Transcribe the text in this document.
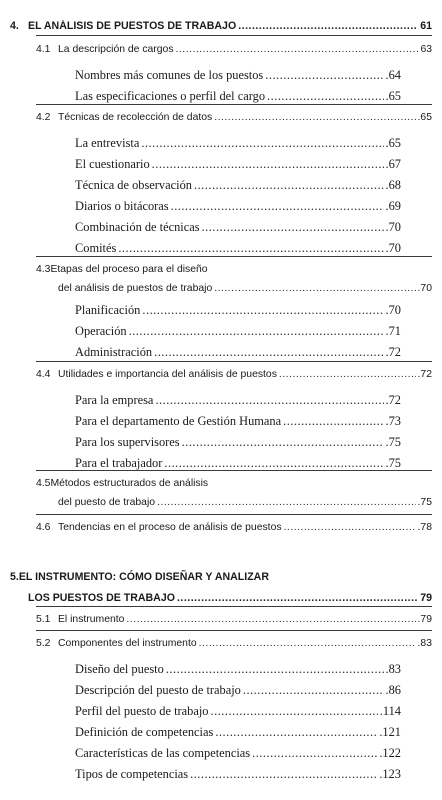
4. EL ANÁLISIS DE PUESTOS DE TRABAJO .....	61
4.1 La descripción de cargos .....	63
Nombres más comunes de los puestos .....	.64
Las especificaciones o perfil del cargo .....	.65
4.2 Técnicas de recolección de datos .....	.65
La entrevista .....	.65
El cuestionario .....	.67
Técnica de observación .....	.68
Diarios o bitácoras .....	.69
Combinación de técnicas .....	.70
Comités .....	.70
4.3Etapas del proceso para el diseño
del análisis de puestos de trabajo .....	.70
Planificación .....	.70
Operación .....	.71
Administración .....	.72
4.4 Utilidades e importancia del análisis de puestos .....	.72
Para la empresa .....	.72
Para el departamento de Gestión Humana .....	.73
Para los supervisores .....	.75
Para el trabajador .....	.75
4.5Métodos estructurados de análisis
del puesto de trabajo .....	.75
4.6 Tendencias en el proceso de análisis de puestos .....	.78
5.EL INSTRUMENTO: CÓMO DISEÑAR Y ANALIZAR
LOS PUESTOS DE TRABAJO .....	79
5.1 El instrumento .....	.79
5.2 Componentes del instrumento .....	.83
Diseño del puesto .....	.83
Descripción del puesto de trabajo .....	.86
Perfil del puesto de trabajo .....	.114
Definición de competencias .....	.121
Características de las competencias .....	.122
Tipos de competencias .....	.123
